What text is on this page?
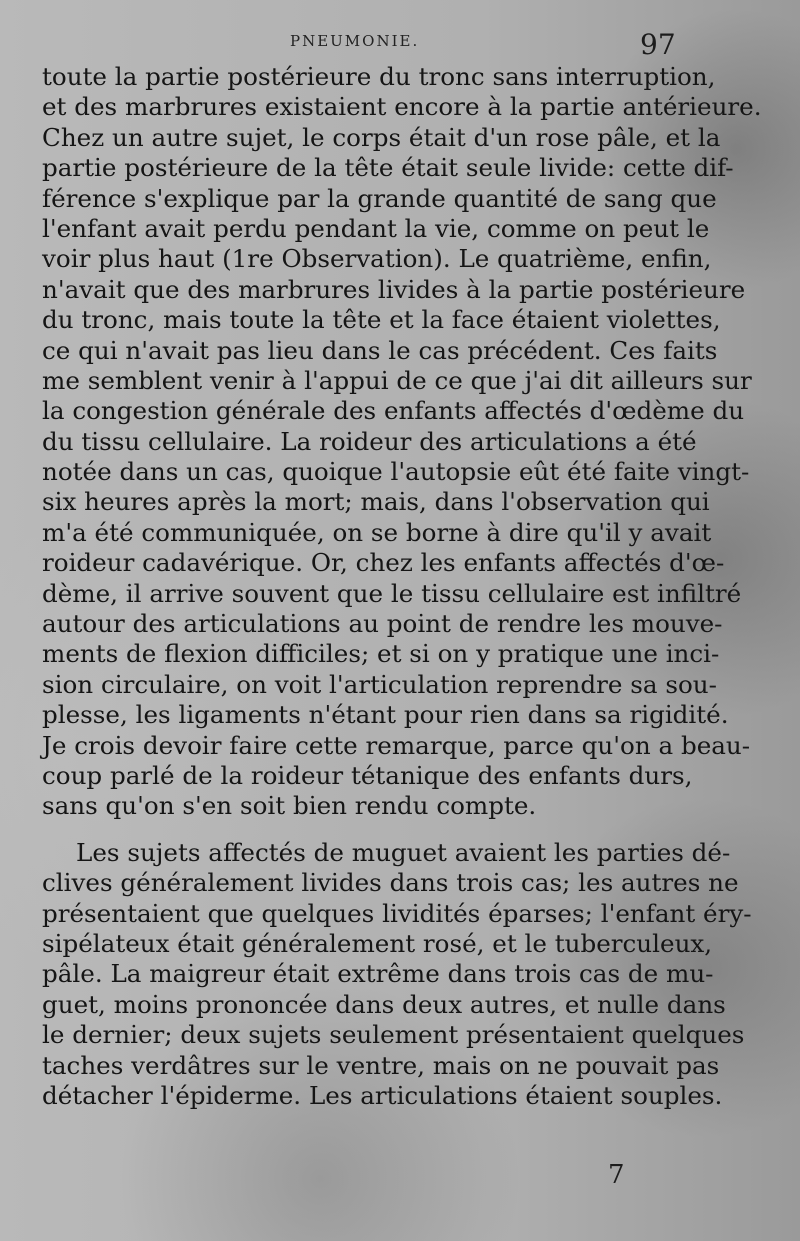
PNEUMONIE.	97
toute la partie postérieure du tronc sans interruption,
et des marbrures existaient encore à la partie antérieure.
Chez un autre sujet, le corps était d'un rose pâle, et la
partie postérieure de la tête était seule livide: cette dif-
férence s'explique par la grande quantité de sang que
l'enfant avait perdu pendant la vie, comme on peut le
voir plus haut (1re Observation). Le quatrième, enfin,
n'avait que des marbrures livides à la partie postérieure
du tronc, mais toute la tête et la face étaient violettes,
ce qui n'avait pas lieu dans le cas précédent. Ces faits
me semblent venir à l'appui de ce que j'ai dit ailleurs sur
la congestion générale des enfants affectés d'œdème du
du tissu cellulaire. La roideur des articulations a été
notée dans un cas, quoique l'autopsie eût été faite vingt-
six heures après la mort; mais, dans l'observation qui
m'a été communiquée, on se borne à dire qu'il y avait
roideur cadavérique. Or, chez les enfants affectés d'œ-
dème, il arrive souvent que le tissu cellulaire est infiltré
autour des articulations au point de rendre les mouve-
ments de flexion difficiles; et si on y pratique une inci-
sion circulaire, on voit l'articulation reprendre sa sou-
plesse, les ligaments n'étant pour rien dans sa rigidité.
Je crois devoir faire cette remarque, parce qu'on a beau-
coup parlé de la roideur tétanique des enfants durs,
sans qu'on s'en soit bien rendu compte.
Les sujets affectés de muguet avaient les parties dé-
clives généralement livides dans trois cas; les autres ne
présentaient que quelques lividités éparses; l'enfant éry-
sipélateux était généralement rosé, et le tuberculeux,
pâle. La maigreur était extrême dans trois cas de mu-
guet, moins prononcée dans deux autres, et nulle dans
le dernier; deux sujets seulement présentaient quelques
taches verdâtres sur le ventre, mais on ne pouvait pas
détacher l'épiderme. Les articulations étaient souples.
7
